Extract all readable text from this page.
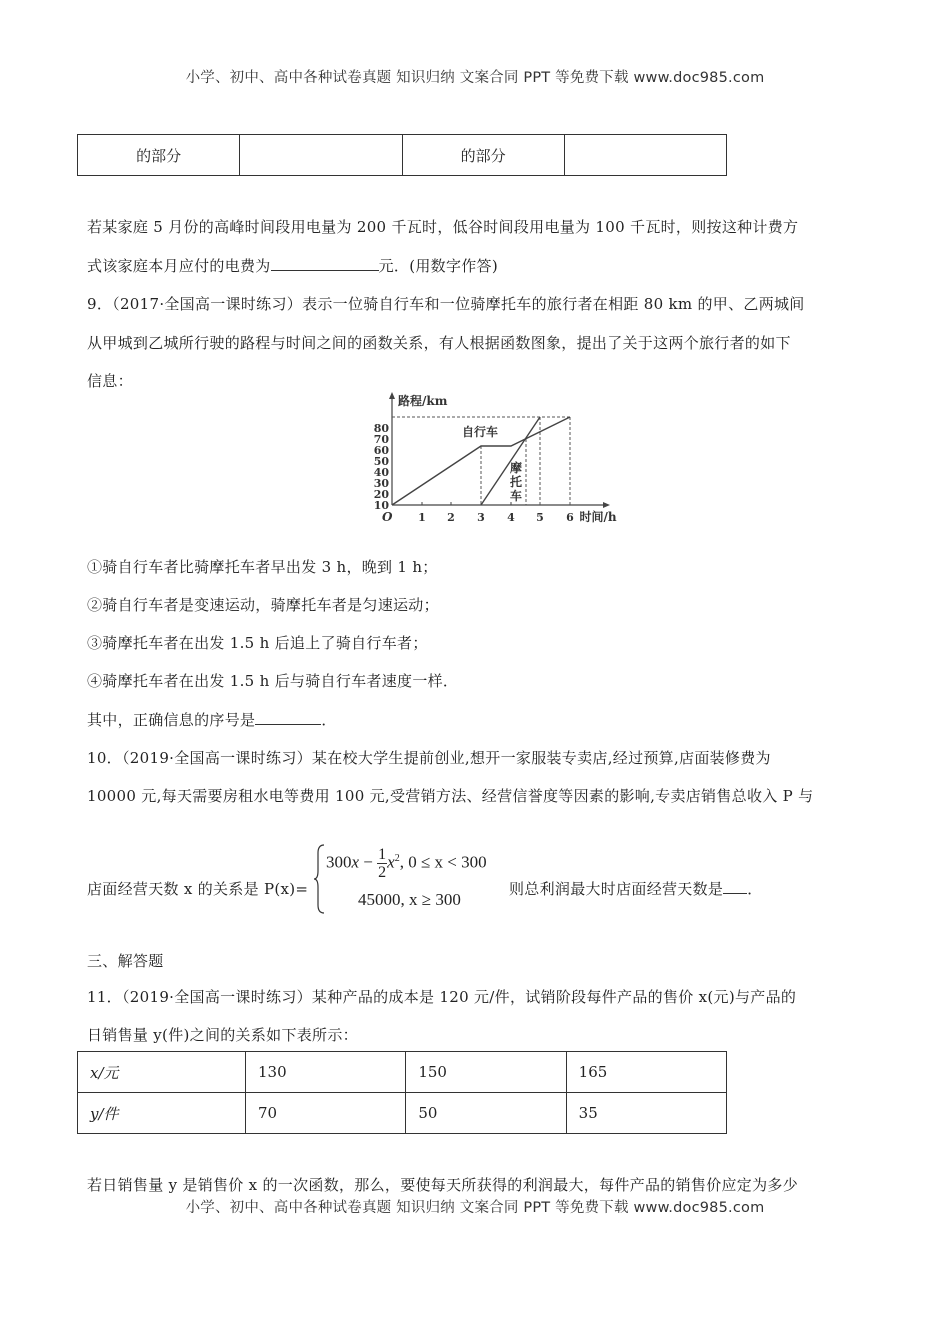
小学、初中、高中各种试卷真题 知识归纳 文案合同 PPT 等免费下载 www.doc985.com
的部分		的部分	
若某家庭 5 月份的高峰时间段用电量为 200 千瓦时，低谷时间段用电量为 100 千瓦时，则按这种计费方
式该家庭本月应付的电费为	元．(用数字作答)
9．（2017·全国高一课时练习）表示一位骑自行车和一位骑摩托车的旅行者在相距 80 km 的甲、乙两城间
从甲城到乙城所行驶的路程与时间之间的函数关系，有人根据函数图象，提出了关于这两个旅行者的如下
信息：
路程/km
时间/h
O
10
20
30
40
50
60
70
80
1 2 3 4 5 6
自行车
摩
托
车
①骑自行车者比骑摩托车者早出发 3 h，晚到 1 h；
②骑自行车者是变速运动，骑摩托车者是匀速运动；
③骑摩托车者在出发 1.5 h 后追上了骑自行车者；
④骑摩托车者在出发 1.5 h 后与骑自行车者速度一样．
其中，正确信息的序号是	．
10．（2019·全国高一课时练习）某在校大学生提前创业,想开一家服装专卖店,经过预算,店面装修费为
10000 元,每天需要房租水电等费用 100 元,受营销方法、经营信誉度等因素的影响,专卖店销售总收入 P 与
店面经营天数 x 的关系是 P(x)=
$300x - \frac{1}{2} x^2$, 0 ≤ x < 300
45000, x ≥ 300
则总利润最大时店面经营天数是 ．
三、解答题
11．（2019·全国高一课时练习）某种产品的成本是 120 元/件，试销阶段每件产品的售价 x(元)与产品的
日销售量 y(件)之间的关系如下表所示：
x/元	130	150	165
y/件	70	50	35
若日销售量 y 是销售价 x 的一次函数，那么，要使每天所获得的利润最大，每件产品的销售价应定为多少
小学、初中、高中各种试卷真题 知识归纳 文案合同 PPT 等免费下载 www.doc985.com
